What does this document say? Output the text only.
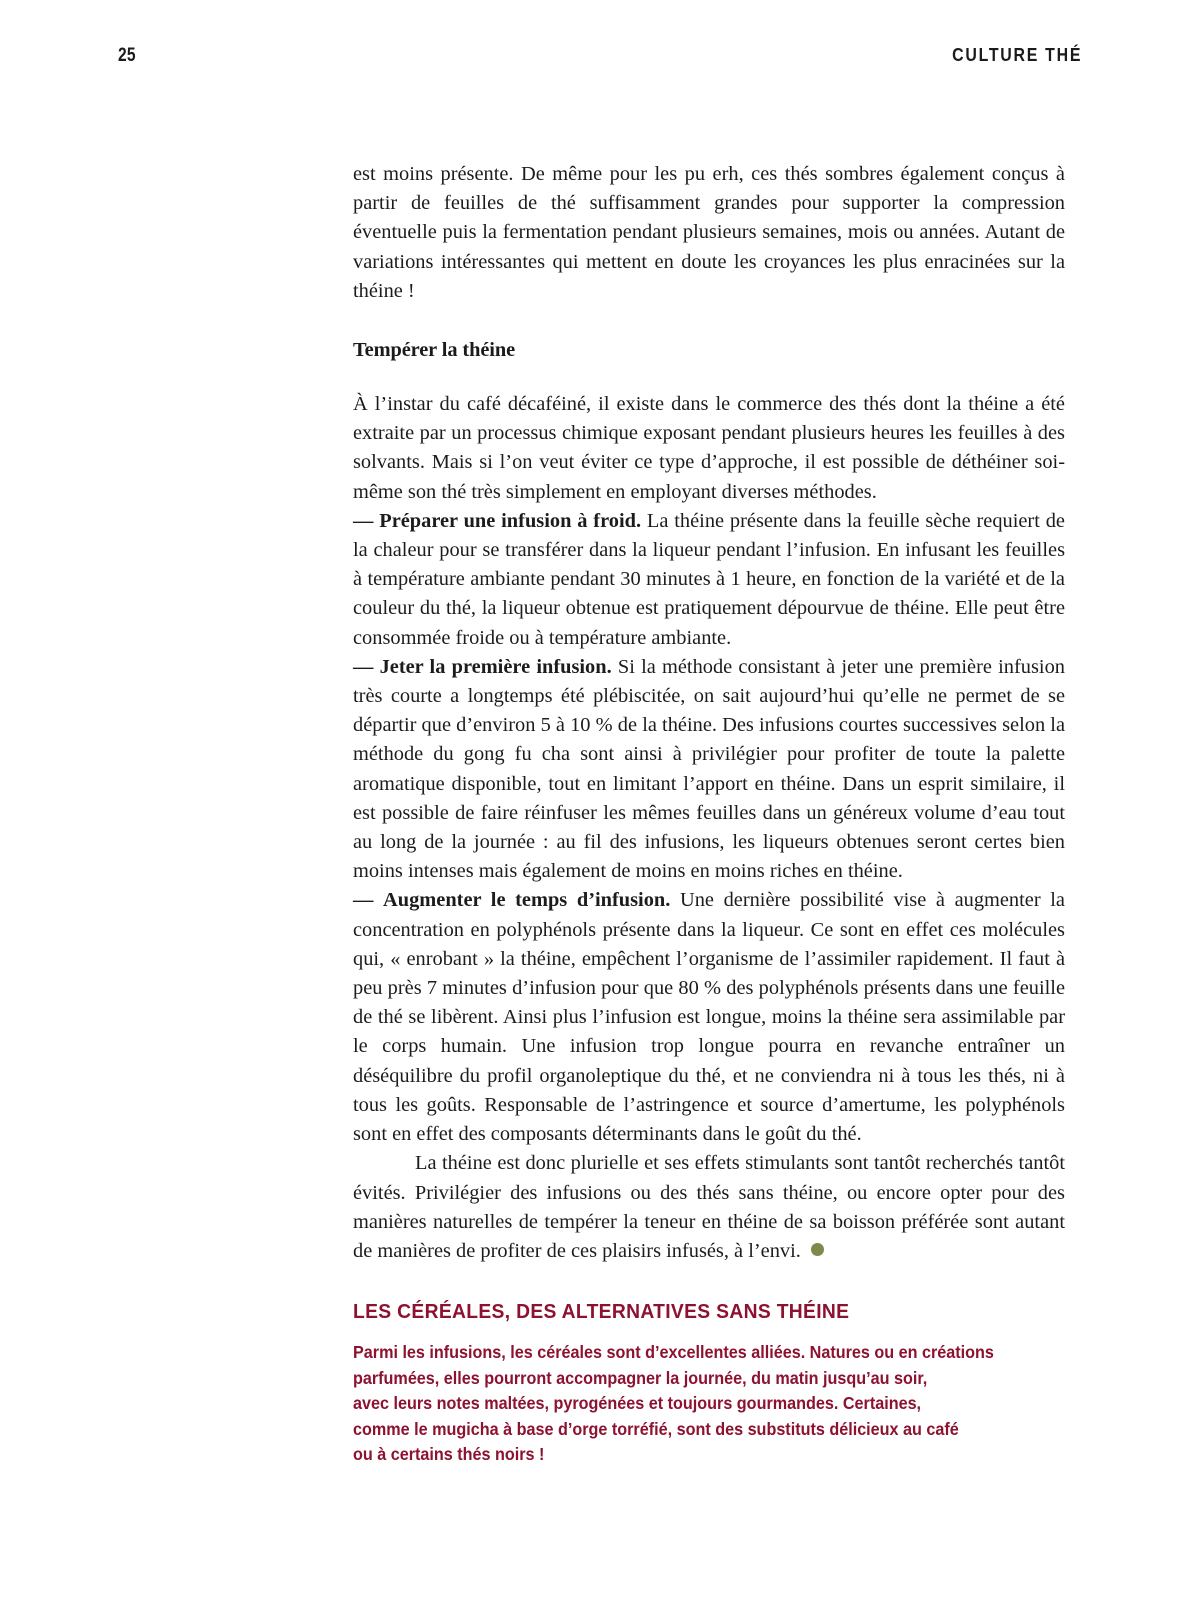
25	CULTURE THÉ

est moins présente. De même pour les pu erh, ces thés sombres également conçus à partir de feuilles de thé suffisamment grandes pour supporter la compression éventuelle puis la fermentation pendant plusieurs semaines, mois ou années. Autant de variations intéressantes qui mettent en doute les croyances les plus enracinées sur la théine !

Tempérer la théine

À l’instar du café décaféiné, il existe dans le commerce des thés dont la théine a été extraite par un processus chimique exposant pendant plusieurs heures les feuilles à des solvants. Mais si l’on veut éviter ce type d’approche, il est possible de déthéiner soi-même son thé très simplement en employant diverses méthodes.

— Préparer une infusion à froid. La théine présente dans la feuille sèche requiert de la chaleur pour se transférer dans la liqueur pendant l’infusion. En infusant les feuilles à température ambiante pendant 30 minutes à 1 heure, en fonction de la variété et de la couleur du thé, la liqueur obtenue est pratiquement dépourvue de théine. Elle peut être consommée froide ou à température ambiante.

— Jeter la première infusion. Si la méthode consistant à jeter une première infusion très courte a longtemps été plébiscitée, on sait aujourd’hui qu’elle ne permet de se départir que d’environ 5 à 10 % de la théine. Des infusions courtes successives selon la méthode du gong fu cha sont ainsi à privilégier pour profiter de toute la palette aromatique disponible, tout en limitant l’apport en théine. Dans un esprit similaire, il est possible de faire réinfuser les mêmes feuilles dans un généreux volume d’eau tout au long de la journée : au fil des infusions, les liqueurs obtenues seront certes bien moins intenses mais également de moins en moins riches en théine.

— Augmenter le temps d’infusion. Une dernière possibilité vise à augmenter la concentration en polyphénols présente dans la liqueur. Ce sont en effet ces molécules qui, « enrobant » la théine, empêchent l’organisme de l’assimiler rapidement. Il faut à peu près 7 minutes d’infusion pour que 80 % des polyphénols présents dans une feuille de thé se libèrent. Ainsi plus l’infusion est longue, moins la théine sera assimilable par le corps humain. Une infusion trop longue pourra en revanche entraîner un déséquilibre du profil organoleptique du thé, et ne conviendra ni à tous les thés, ni à tous les goûts. Responsable de l’astringence et source d’amertume, les polyphénols sont en effet des composants déterminants dans le goût du thé.

La théine est donc plurielle et ses effets stimulants sont tantôt recherchés tantôt évités. Privilégier des infusions ou des thés sans théine, ou encore opter pour des manières naturelles de tempérer la teneur en théine de sa boisson préférée sont autant de manières de profiter de ces plaisirs infusés, à l’envi.

LES CÉRÉALES, DES ALTERNATIVES SANS THÉINE
Parmi les infusions, les céréales sont d’excellentes alliées. Natures ou en créations
parfumées, elles pourront accompagner la journée, du matin jusqu’au soir,
avec leurs notes maltées, pyrogénées et toujours gourmandes. Certaines,
comme le mugicha à base d’orge torréfié, sont des substituts délicieux au café
ou à certains thés noirs !
